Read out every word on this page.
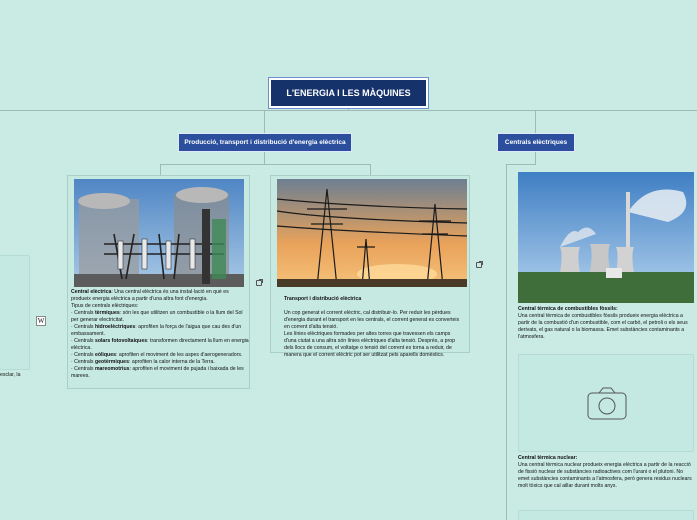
L'ENERGIA I LES MÀQUINES
Producció, transport i distribució d'energia elèctrica	Centrals elèctriques
esclar, la
W
Central elèctrica: Una central elèctrica és una instal·lació en què es produeix energia elèctrica a partir d'una altra font d'energia.
Tipus de centrals elèctriques:
· Centrals tèrmiques: són les que utilitzen un combustible o la llum del Sol per generar electricitat.
· Centrals hidroelèctriques: aprofiten la força de l'aigua que cau des d'un embassament.
· Centrals solars fotovoltaiques: transformen directament la llum en energia elèctrica.
· Centrals eòliques: aprofiten el moviment de les aspes d'aerogeneradors.
· Centrals geotèrmiques: aprofiten la calor interna de la Terra.
· Centrals mareomotrius: aprofiten el moviment de pujada i baixada de les marees.

Transport i distribució elèctrica

Un cop generat el corrent elèctric, cal distribuir-lo. Per reduir les pèrdues d'energia durant el transport en les centrals, el corrent generat es converteix en corrent d'alta tensió.
Les línies elèctriques formades per altes torres que travessen els camps d'una ciutat a una altra són línies elèctriques d'alta tensió. Després, a prop dels llocs de consum, el voltatge o tensió del corrent es torna a reduir, de manera que el corrent elèctric pot ser utilitzat pels aparells domèstics.

Central tèrmica de combustibles fòssils:
Una central tèrmica de combustibles fòssils produeix energia elèctrica a partir de la combustió d'un combustible, com el carbó, el petroli o els seus derivats, el gas natural o la biomassa. Emet substàncies contaminants a l'atmosfera.
Central tèrmica nuclear:
Una central tèrmica nuclear produeix energia elèctrica a partir de la reacció de fissió nuclear de substàncies radioactives com l'urani o el plutoni. No emet substàncies contaminants a l'atmosfera, però genera residus nuclears molt tòxics que cal aillar durant molts anys.
